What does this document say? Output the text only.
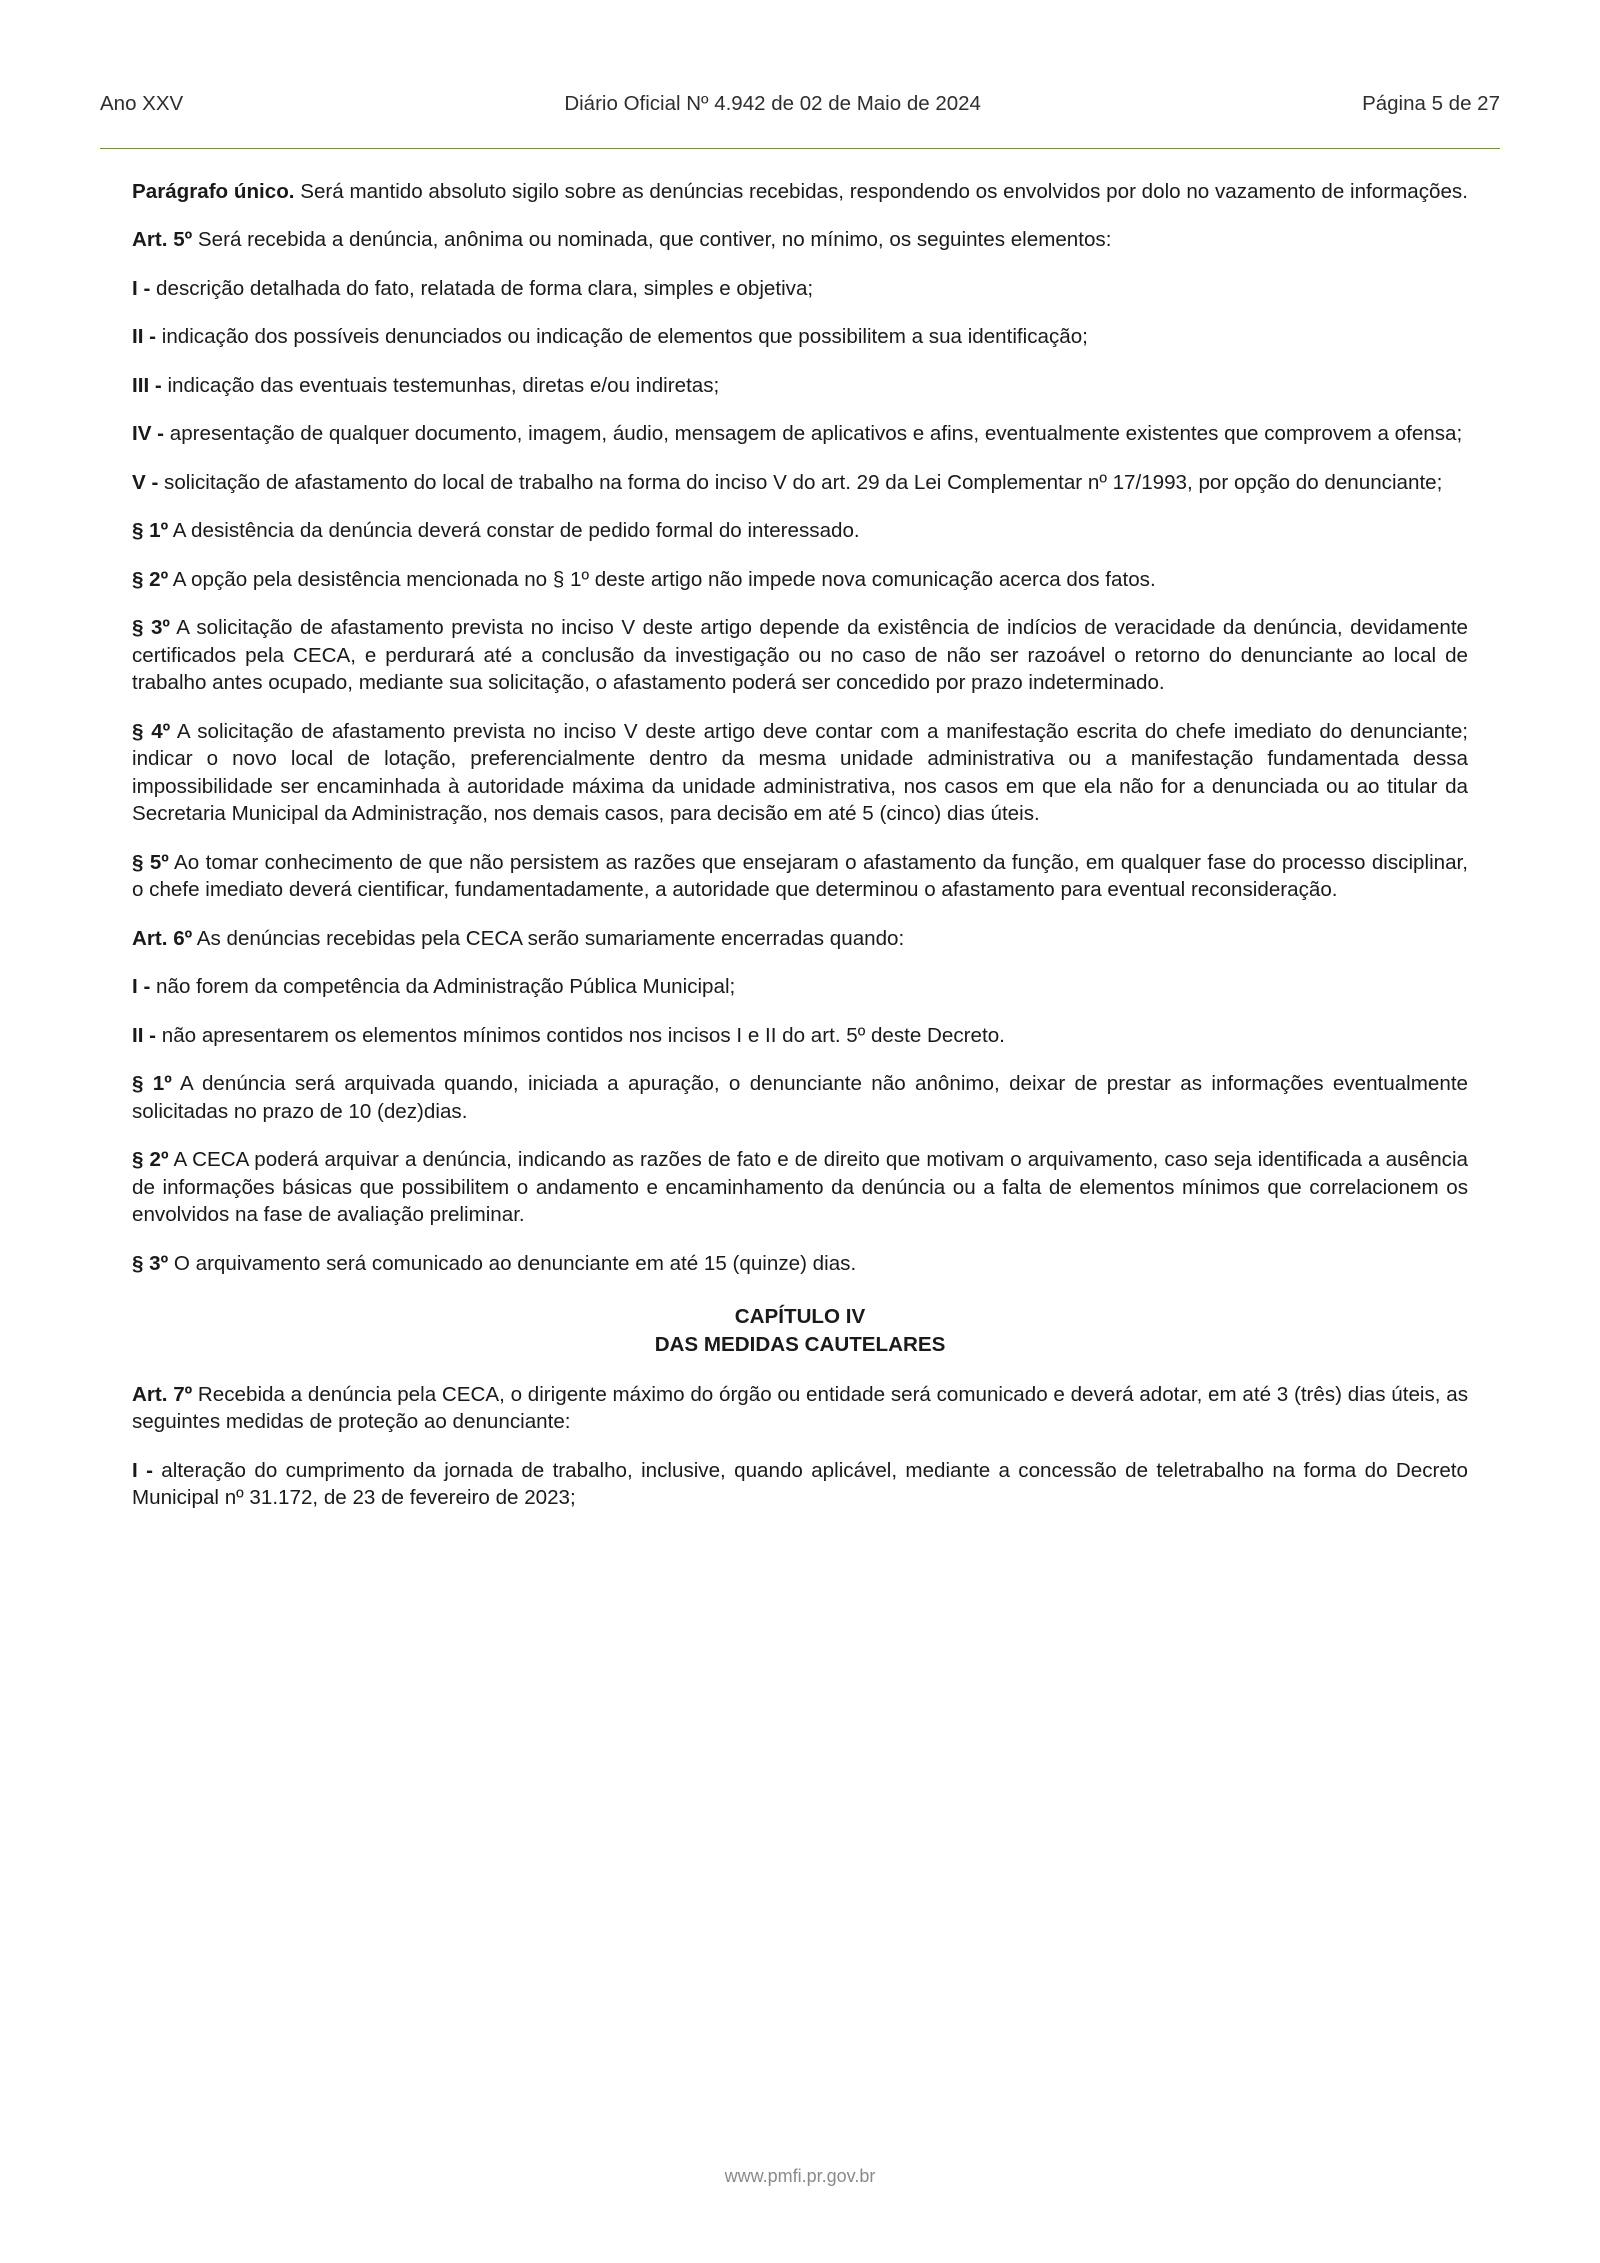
Ano XXV	Diário Oficial Nº 4.942 de 02 de Maio de 2024	Página 5 de 27

Parágrafo único. Será mantido absoluto sigilo sobre as denúncias recebidas, respondendo os envolvidos por dolo no vazamento de informações.

Art. 5º Será recebida a denúncia, anônima ou nominada, que contiver, no mínimo, os seguintes elementos:

I - descrição detalhada do fato, relatada de forma clara, simples e objetiva;

II - indicação dos possíveis denunciados ou indicação de elementos que possibilitem a sua identificação;

III - indicação das eventuais testemunhas, diretas e/ou indiretas;

IV - apresentação de qualquer documento, imagem, áudio, mensagem de aplicativos e afins, eventualmente existentes que comprovem a ofensa;

V - solicitação de afastamento do local de trabalho na forma do inciso V do art. 29 da Lei Complementar nº 17/1993, por opção do denunciante;

§ 1º A desistência da denúncia deverá constar de pedido formal do interessado.

§ 2º A opção pela desistência mencionada no § 1º deste artigo não impede nova comunicação acerca dos fatos.

§ 3º A solicitação de afastamento prevista no inciso V deste artigo depende da existência de indícios de veracidade da denúncia, devidamente certificados pela CECA, e perdurará até a conclusão da investigação ou no caso de não ser razoável o retorno do denunciante ao local de trabalho antes ocupado, mediante sua solicitação, o afastamento poderá ser concedido por prazo indeterminado.

§ 4º A solicitação de afastamento prevista no inciso V deste artigo deve contar com a manifestação escrita do chefe imediato do denunciante; indicar o novo local de lotação, preferencialmente dentro da mesma unidade administrativa ou a manifestação fundamentada dessa impossibilidade ser encaminhada à autoridade máxima da unidade administrativa, nos casos em que ela não for a denunciada ou ao titular da Secretaria Municipal da Administração, nos demais casos, para decisão em até 5 (cinco) dias úteis.

§ 5º Ao tomar conhecimento de que não persistem as razões que ensejaram o afastamento da função, em qualquer fase do processo disciplinar, o chefe imediato deverá cientificar, fundamentadamente, a autoridade que determinou o afastamento para eventual reconsideração.

Art. 6º As denúncias recebidas pela CECA serão sumariamente encerradas quando:

I - não forem da competência da Administração Pública Municipal;

II - não apresentarem os elementos mínimos contidos nos incisos I e II do art. 5º deste Decreto.

§ 1º A denúncia será arquivada quando, iniciada a apuração, o denunciante não anônimo, deixar de prestar as informações eventualmente solicitadas no prazo de 10 (dez)dias.

§ 2º A CECA poderá arquivar a denúncia, indicando as razões de fato e de direito que motivam o arquivamento, caso seja identificada a ausência de informações básicas que possibilitem o andamento e encaminhamento da denúncia ou a falta de elementos mínimos que correlacionem os envolvidos na fase de avaliação preliminar.

§ 3º O arquivamento será comunicado ao denunciante em até 15 (quinze) dias.

CAPÍTULO IV
DAS MEDIDAS CAUTELARES

Art. 7º Recebida a denúncia pela CECA, o dirigente máximo do órgão ou entidade será comunicado e deverá adotar, em até 3 (três) dias úteis, as seguintes medidas de proteção ao denunciante:

I - alteração do cumprimento da jornada de trabalho, inclusive, quando aplicável, mediante a concessão de teletrabalho na forma do Decreto Municipal nº 31.172, de 23 de fevereiro de 2023;

www.pmfi.pr.gov.br
